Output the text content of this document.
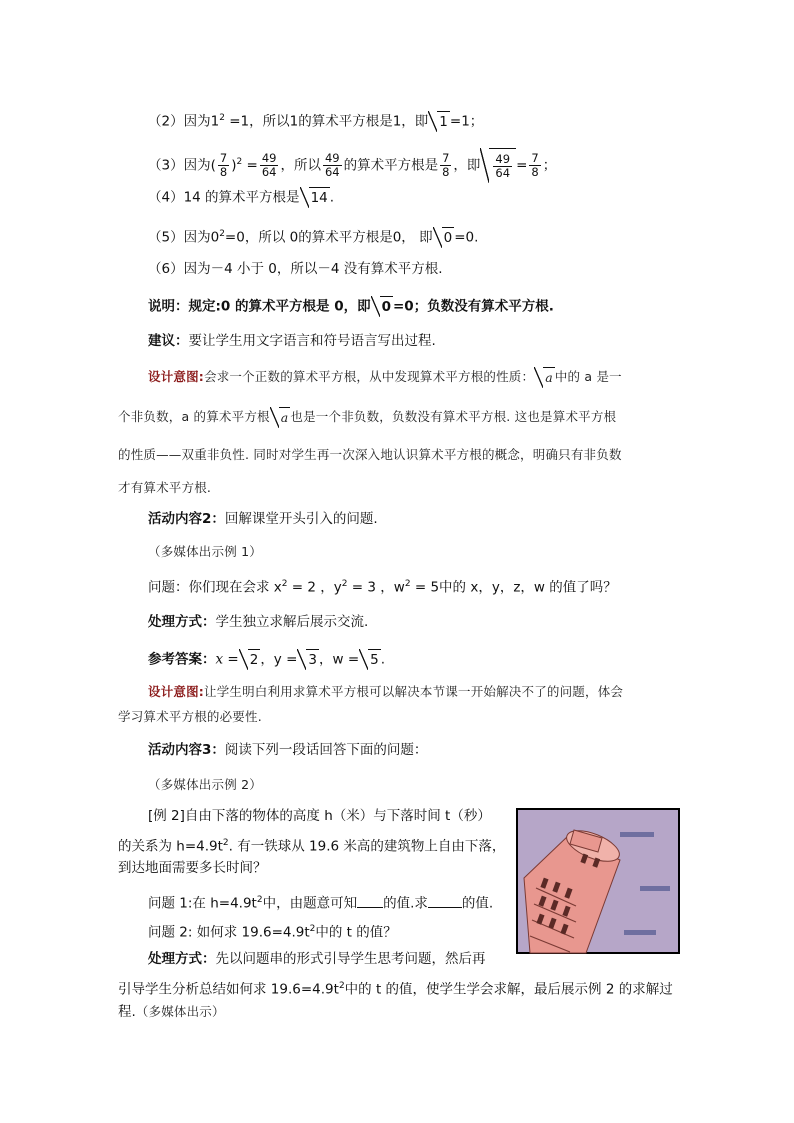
（2）因为$1^2 =1$，所以1的算术平方根是1，即 1 =1；
（3）因为( $\frac{7}{8} )^2 = \frac{49}{64}$ ，所以 $\frac{49}{64}$ 的算术平方根是 $\frac{7}{8}$ ，即 $\frac{49}{64} = \frac{7}{8}$ ；
（4）14 的算术平方根是 14 .
（5）因为$0^2=0$，所以 0的算术平方根是0， 即 0 =0.
（6）因为－4 小于 0，所以－4 没有算术平方根.
说明：规定:0 的算术平方根是 0，即 0 =0；负数没有算术平方根.
建议：要让学生用文字语言和符号语言写出过程.
设计意图:会求一个正数的算术平方根，从中发现算术平方根的性质： a 中的 a 是一
个非负数，a 的算术平方根 a 也是一个非负数，负数没有算术平方根. 这也是算术平方根
的性质——双重非负性. 同时对学生再一次深入地认识算术平方根的概念，明确只有非负数
才有算术平方根.
活动内容2：回解课堂开头引入的问题.
（多媒体出示例 1）
问题：你们现在会求 $x^2 = 2$ ，$y^2 = 3$ ，$w^2 = 5$中的 x，y，z，w 的值了吗？
处理方式：学生独立求解后展示交流.
参考答案：x = 2 ，y = 3 ，w = 5 .
设计意图:让学生明白利用求算术平方根可以解决本节课一开始解决不了的问题，体会
学习算术平方根的必要性.
活动内容3：阅读下列一段话回答下面的问题：
（多媒体出示例 2）
[例 2]自由下落的物体的高度 h（米）与下落时间 t（秒）
的关系为 $h=4.9t^2$. 有一铁球从 19.6 米高的建筑物上自由下落，
到达地面需要多长时间？
问题 1:在 $h=4.9t^2$中，由题意可知 的值.求	的值.
问题 2: 如何求 $19.6=4.9t^2$中的 t 的值？
处理方式：先以问题串的形式引导学生思考问题，然后再
引导学生分析总结如何求 $19.6=4.9t^2$中的 t 的值，使学生学会求解，最后展示例 2 的求解过
程.（多媒体出示）
